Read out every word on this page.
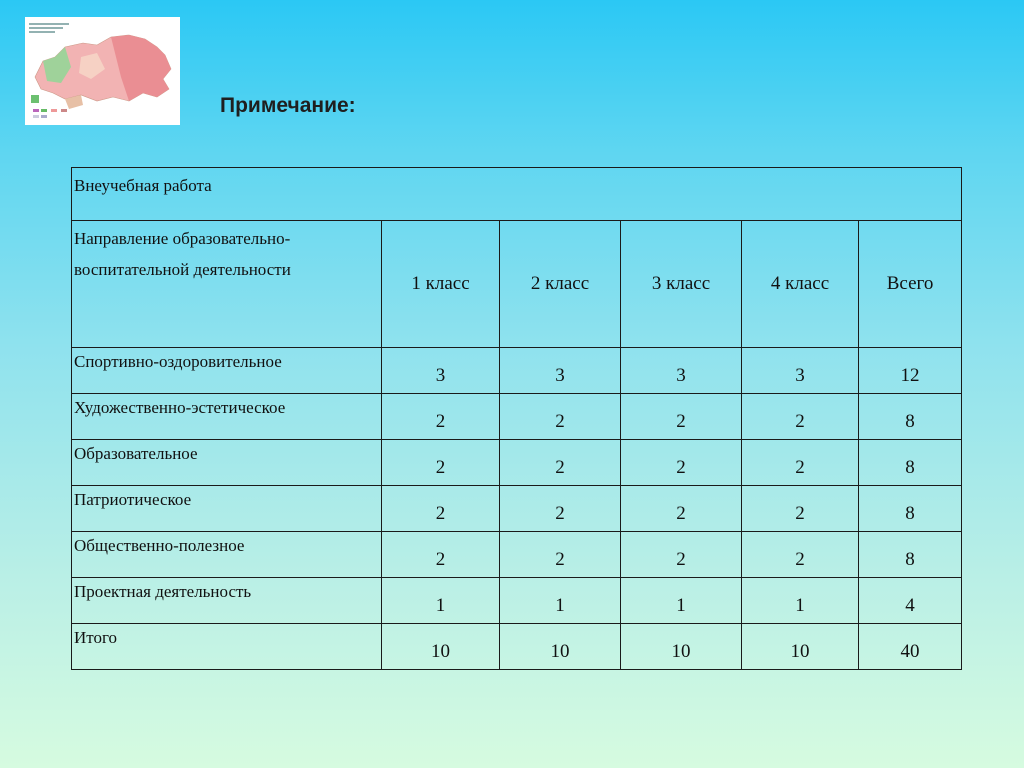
Примечание:
Внеучебная работа					
Направление образовательно-воспитательной деятельности	1 класс	2 класс	3 класс	4 класс	Всего
Спортивно-оздоровительное	3	3	3	3	12
Художественно-эстетическое	2	2	2	2	8
Образовательное	2	2	2	2	8
Патриотическое	2	2	2	2	8
Общественно-полезное	2	2	2	2	8
Проектная деятельность	1	1	1	1	4
Итого	10	10	10	10	40
